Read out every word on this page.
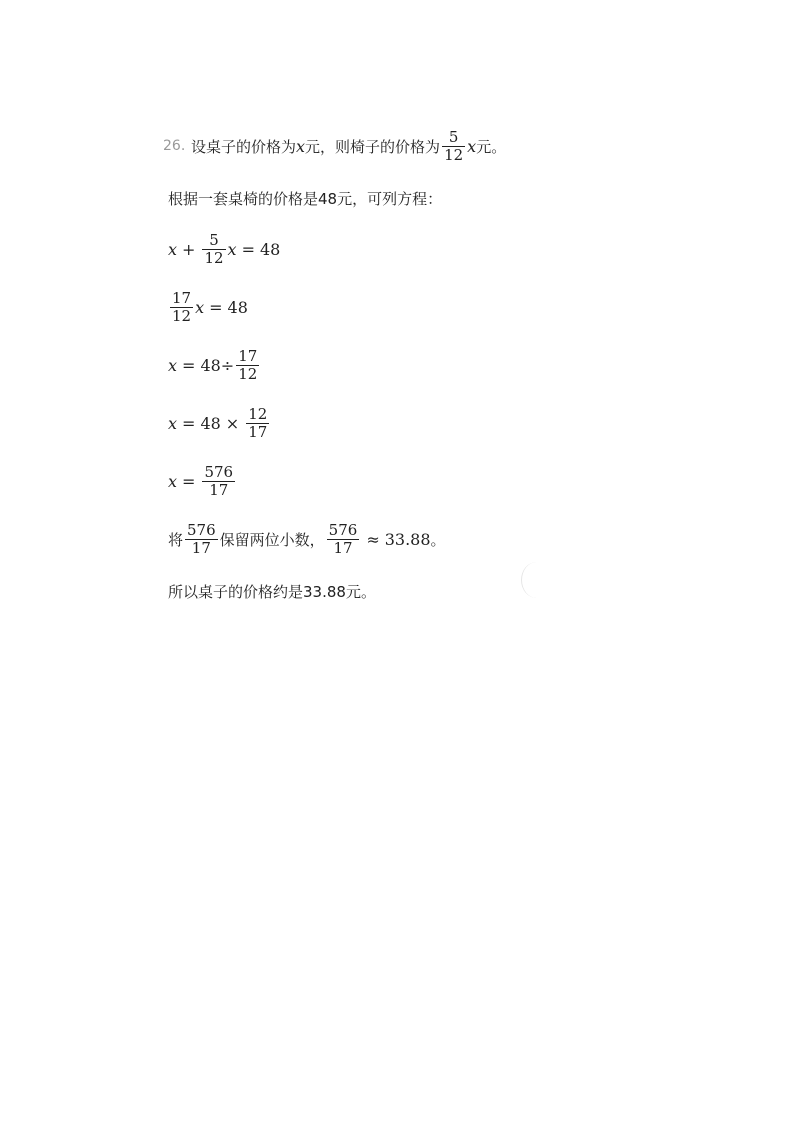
26. 设桌子的价格为 x 元，则椅子的价格为 $\frac{5}{12}$ x 元。
根据一套桌椅的价格是48元，可列方程：
$x + \frac{5}{12}$ x = 48
$\frac{17}{12}$ x = 48
$x = 48 \div \frac{17}{12}$
$x = 48 \times \frac{12}{17}$
$x = \frac{576}{17}$
将 $\frac{576}{17}$ 保留两位小数， $\frac{576}{17} \approx 33.88$ 。
所以桌子的价格约是33.88元。
